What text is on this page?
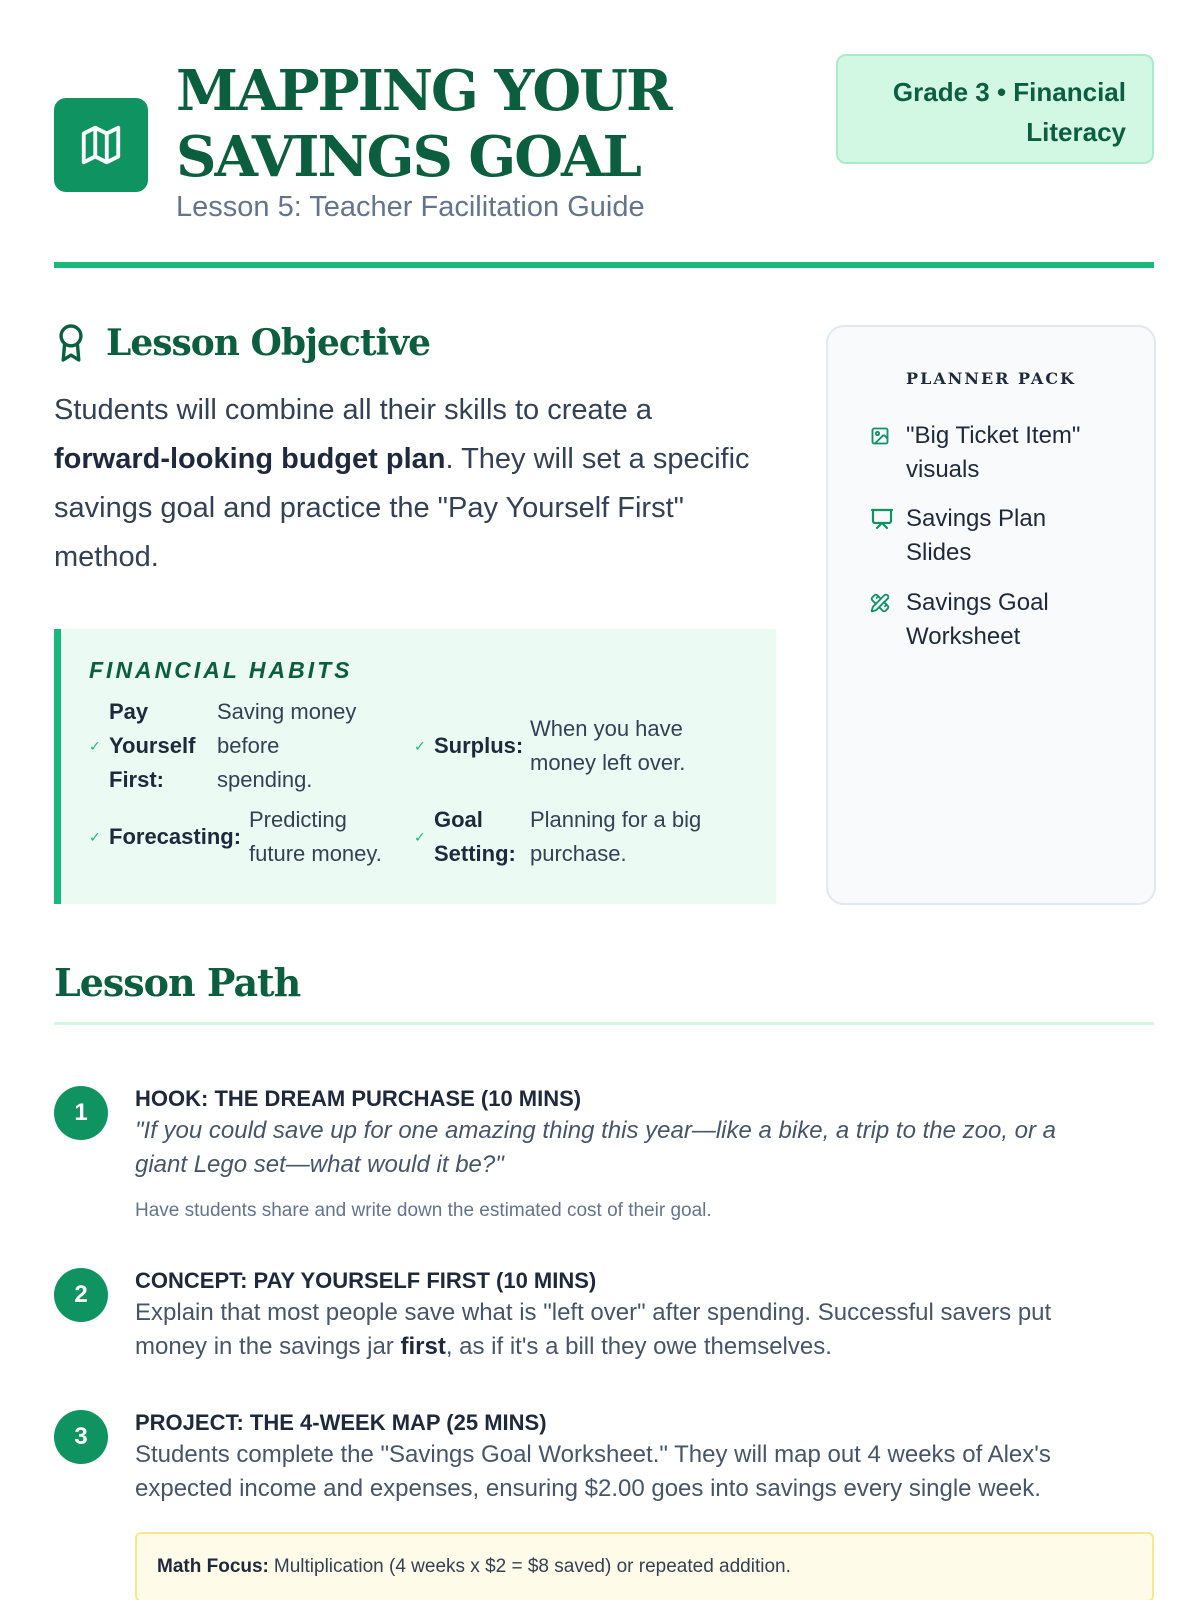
MAPPING YOUR
SAVINGS GOAL
Lesson 5: Teacher Facilitation Guide
Grade 3 • Financial
Literacy
Lesson Objective

Students will combine all their skills to create a forward-looking budget plan. They will set a specific savings goal and practice the "Pay Yourself First" method.

FINANCIAL HABITS
✓
Pay
Yourself
First:
Saving money
before
spending.
✓ Surplus:
When you have
money left over.
✓ Forecasting:
Predicting
future money.
✓
Goal
Setting:
Planning for a big
purchase.
PLANNER PACK
"Big Ticket Item"
visuals
Savings Plan
Slides
Savings Goal
Worksheet
Lesson Path
1
HOOK: THE DREAM PURCHASE (10 MINS)
"If you could save up for one amazing thing this year—like a bike, a trip to the zoo, or a
giant Lego set—what would it be?"
Have students share and write down the estimated cost of their goal.
2
CONCEPT: PAY YOURSELF FIRST (10 MINS)
Explain that most people save what is "left over" after spending. Successful savers put
money in the savings jar first, as if it's a bill they owe themselves.
3
PROJECT: THE 4-WEEK MAP (25 MINS)
Students complete the "Savings Goal Worksheet." They will map out 4 weeks of Alex's
expected income and expenses, ensuring $2.00 goes into savings every single week.
Math Focus: Multiplication (4 weeks x $2 = $8 saved) or repeated addition.
